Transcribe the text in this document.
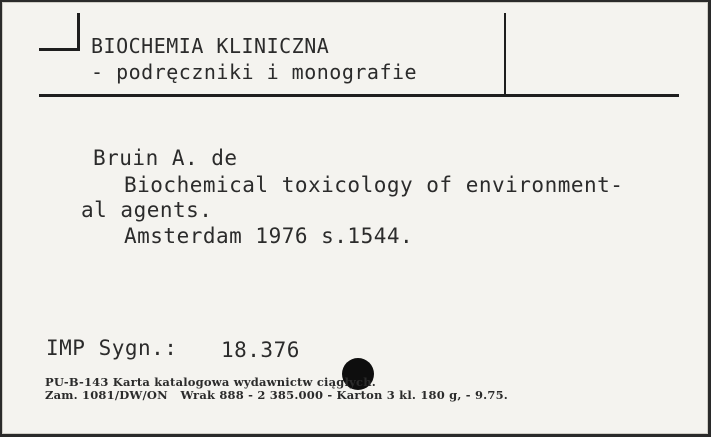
BIOCHEMIA KLINICZNA
- podręczniki i monografie
Bruin A. de
Biochemical toxicology of environment-
al agents.
Amsterdam 1976 s.1544.
IMP Sygn.: 18.376
PU-B-143 Karta katalogowa wydawnictw ciągłych.
Zam. 1081/DW/ON   Wrak 888 - 2 385.000 - Karton 3 kl. 180 g, - 9.75.
